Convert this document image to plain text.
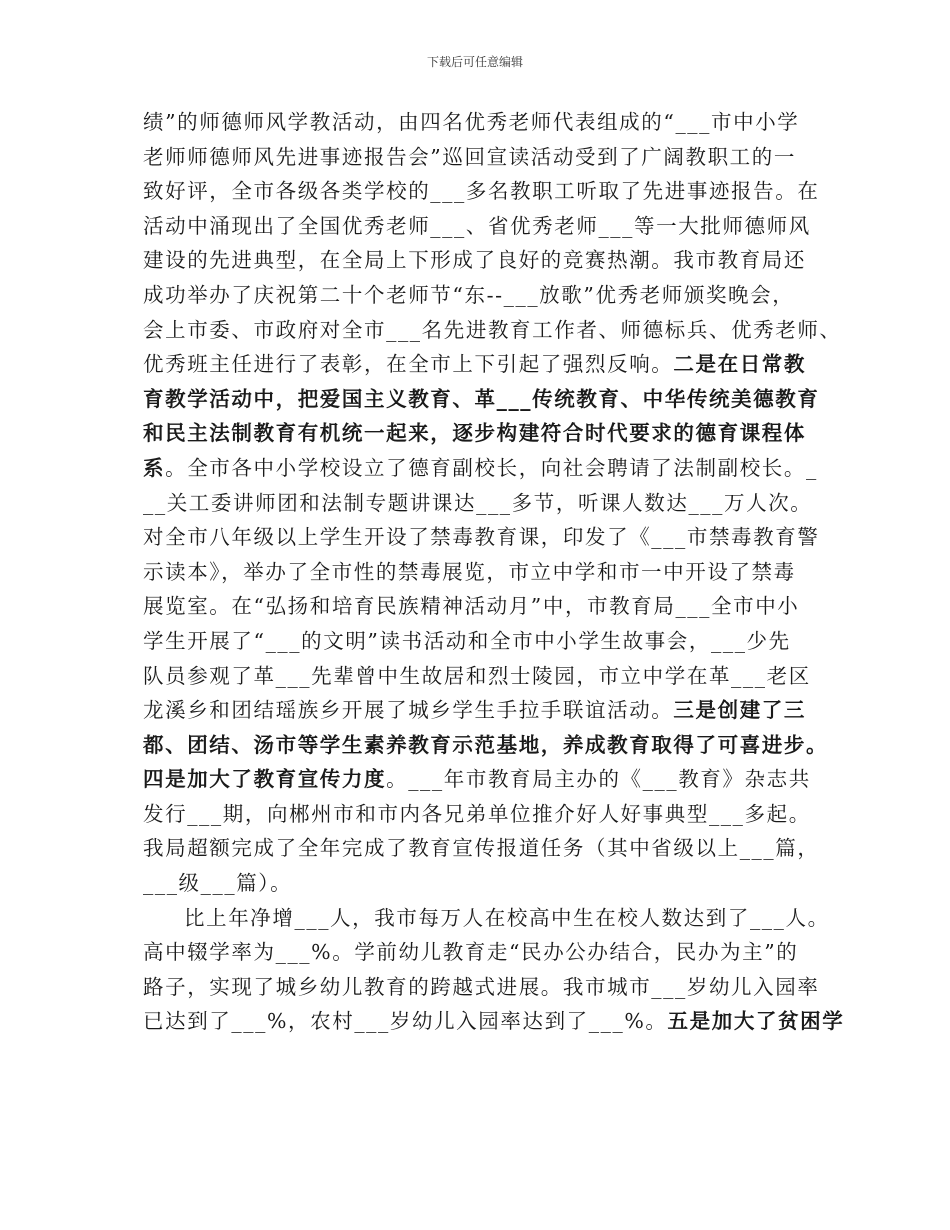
下载后可任意编辑
绩”的师德师风学教活动，由四名优秀老师代表组成的“___市中小学
老师师德师风先进事迹报告会”巡回宣读活动受到了广阔教职工的一
致好评，全市各级各类学校的___多名教职工听取了先进事迹报告。在
活动中涌现出了全国优秀老师___、省优秀老师___等一大批师德师风
建设的先进典型，在全局上下形成了良好的竞赛热潮。我市教育局还
成功举办了庆祝第二十个老师节“东--___放歌”优秀老师颁奖晚会，
会上市委、市政府对全市___名先进教育工作者、师德标兵、优秀老师、
优秀班主任进行了表彰，在全市上下引起了强烈反响。二是在日常教
育教学活动中，把爱国主义教育、革___传统教育、中华传统美德教育
和民主法制教育有机统一起来，逐步构建符合时代要求的德育课程体
系。全市各中小学校设立了德育副校长，向社会聘请了法制副校长。_
__关工委讲师团和法制专题讲课达___多节，听课人数达___万人次。
对全市八年级以上学生开设了禁毒教育课，印发了《___市禁毒教育警
示读本》，举办了全市性的禁毒展览，市立中学和市一中开设了禁毒
展览室。在“弘扬和培育民族精神活动月”中，市教育局___全市中小
学生开展了“___的文明”读书活动和全市中小学生故事会，___少先
队员参观了革___先辈曾中生故居和烈士陵园，市立中学在革___老区
龙溪乡和团结瑶族乡开展了城乡学生手拉手联谊活动。三是创建了三
都、团结、汤市等学生素养教育示范基地，养成教育取得了可喜进步。
四是加大了教育宣传力度。___年市教育局主办的《___教育》杂志共
发行___期，向郴州市和市内各兄弟单位推介好人好事典型___多起。
我局超额完成了全年完成了教育宣传报道任务（其中省级以上___篇，
___级___篇）。
比上年净增___人，我市每万人在校高中生在校人数达到了___人。
高中辍学率为___%。学前幼儿教育走“民办公办结合，民办为主”的
路子，实现了城乡幼儿教育的跨越式进展。我市城市___岁幼儿入园率
已达到了___%，农村___岁幼儿入园率达到了___%。五是加大了贫困学
